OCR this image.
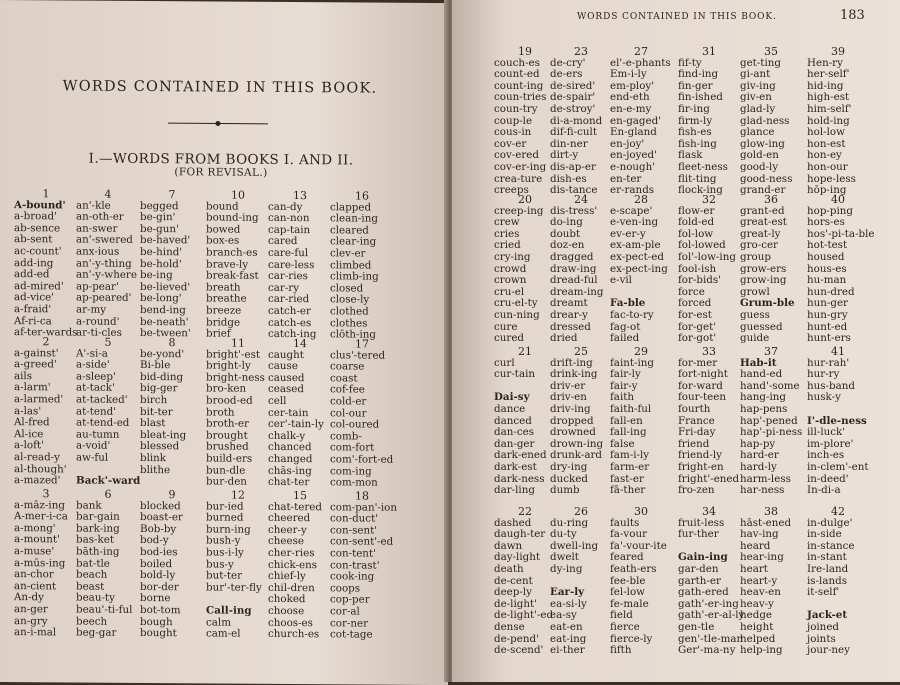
WORDS CONTAINED IN THIS BOOK.
I.—WORDS FROM BOOKS I. AND II.
(FOR REVISAL.)
1
A-bound'
a-broad'
ab-sence
ab-sent
ac-count'
add-ing
add-ed
ad-mired'
ad-vice'
a-fraid'
Af-ri-ca
af-ter-wards
4
an'-kle
an-oth-er
an-swer
an'-swered
anx-ious
an'-y-thing
an'-y-where
ap-pear'
ap-peared'
ar-my
a-round'
ar-ti-cles
7
begged
be-gin'
be-gun'
be-haved'
be-hind'
be-hold'
be-ing
be-lieved'
be-long'
bend-ing
be-neath'
be-tween'
10
bound
bound-ing
bowed
box-es
branch-es
brave-ly
break-fast
breath
breathe
breeze
bridge
brief
13
can-dy
can-non
cap-tain
cared
care-ful
care-less
car-ries
car-ry
car-ried
catch-er
catch-es
catch-ing
16
clapped
clean-ing
cleared
clear-ing
clev-er
climbed
climb-ing
closed
close-ly
clothed
clothes
clōth-ing
2
a-gainst'
a-greed'
ails
a-larm'
a-larmed'
a-las'
Al-fred
Al-ice
a-loft'
al-read-y
al-though'
a-mazed'
5
A'-si-a
a-side'
a-sleep'
at-tack'
at-tacked'
at-tend'
at-tend-ed
au-tumn
a-void'
aw-ful
Back'-ward
8
be-yond'
Bi-ble
bid-ding
big-ger
birch
bit-ter
blast
bleat-ing
blessed
blink
blithe
11
bright'-est
bright-ly
bright-ness
bro-ken
brood-ed
broth
broth-er
brought
brushed
build-ers
bun-dle
bur-den
14
caught
cause
caused
ceased
cell
cer-tain
cer'-tain-ly
chalk-y
chanced
changed
chās-ing
chat-ter
17
clus'-tered
coarse
coast
cof-fee
cold-er
col-our
col-oured
comb-
com-fort
com'-fort-ed
com-ing
com-mon
3
a-māz-ing
A-mer-i-ca
a-mong'
a-mount'
a-muse'
a-mūs-ing
an-chor
an-cient
An-dy
an-ger
an-gry
an-i-mal
6
bank
bar-gain
bark-ing
bas-ket
bāth-ing
bat-tle
beach
beast
beau-ty
beau'-ti-ful
beech
beg-gar
9
blocked
boast-er
Bob-by
bod-y
bod-ies
boiled
bold-ly
bor-der
borne
bot-tom
bough
bought
12
bur-ied
burned
burn-ing
bush-y
bus-i-ly
bus-y
but-ter
bur'-ter-fly
Call-ing
calm
cam-el
15
chat-tered
cheered
cheer-y
cheese
cher-ries
chick-ens
chief-ly
chil-dren
choked
choose
choos-es
church-es
18
com-pan'-ion
con-duct'
con-sent'
con-sent'-ed
con-tent'
con-trast'
cook-ing
coops
cop-per
cor-al
cor-ner
cot-tage
WORDS CONTAINED IN THIS BOOK.	183
19
couch-es
count-ed
count-ing
coun-tries
coun-try
coup-le
cous-in
cov-er
cov-ered
cov-er-ing
crea-ture
creeps
23
de-cry'
de-ers
de-sired'
de-spair'
de-stroy'
di-a-mond
dif-fi-cult
din-ner
dirt-y
dis-ap-er
dish-es
dis-tance
27
el'-e-phants
Em-i-ly
em-ploy'
end-eth
en-e-my
en-gaged'
En-gland
en-joy'
en-joyed'
e-nough'
en-ter
er-rands
31
fif-ty
find-ing
fin-ger
fin-ished
fir-ing
firm-ly
fish-es
fish-ing
flask
fleet-ness
flit-ting
flock-ing
35
get-ting
gi-ant
giv-ing
giv-en
glad-ly
glad-ness
glance
glow-ing
gold-en
good-ly
good-ness
grand-er
39
Hen-ry
her-self'
hid-ing
high-est
him-self'
hold-ing
hol-low
hon-est
hon-ey
hon-our
hope-less
hōp-ing
20
creep-ing
crew
cries
cried
cry-ing
crowd
crown
cru-el
cru-el-ty
cun-ning
cure
cured
24
dis-tress'
do-ing
doubt
doz-en
dragged
draw-ing
dread-ful
dream-ing
dreamt
drear-y
dressed
dried
28
e-scape'
e-ven-ing
ev-er-y
ex-am-ple
ex-pect-ed
ex-pect-ing
e-vil
Fa-ble
fac-to-ry
fag-ot
failed
32
flow-er
fold-ed
fol-low
fol-lowed
fol'-low-ing
fool-ish
for-bids'
force
forced
for-est
for-get'
for-got'
36
grant-ed
great-est
great-ly
gro-cer
group
grow-ers
grow-ing
growl
Grum-ble
guess
guessed
guide
40
hop-ping
hors-es
hos'-pi-ta-ble
hot-test
housed
hous-es
hu-man
hun-dred
hun-ger
hun-gry
hunt-ed
hunt-ers
21
curl
cur-tain
Dai-sy
dance
danced
dan-ces
dan-ger
dark-ened
dark-est
dark-ness
dar-ling
25
drift-ing
drink-ing
driv-er
driv-en
driv-ing
dropped
drowned
drown-ing
drunk-ard
dry-ing
ducked
dumb
29
faint-ing
fair-ly
fair-y
faith
faith-ful
fall-en
fall-ing
false
fam-i-ly
farm-er
fast-er
fā-ther
33
for-mer
fort-night
for-ward
four-teen
fourth
France
Fri-day
friend
friend-ly
fright-en
fright'-ened
fro-zen
37
Hab-it
hand-ed
hand'-some
hang-ing
hap-pens
hap'-pened
hap'-pi-ness
hap-py
hard-er
hard-ly
harm-less
har-ness
41
hur-rah'
hur-ry
hus-band
husk-y
I'-dle-ness
ill-luck'
im-plore'
inch-es
in-clem'-ent
in-deed'
In-di-a
22
dashed
daugh-ter
dawn
day-light
death
de-cent
deep-ly
de-light'
de-light'-ed
dense
de-pend'
de-scend'
26
du-ring
du-ty
dwell-ing
dwelt
dy-ing
Ear-ly
ea-si-ly
ea-sy
eat-en
eat-ing
ei-ther
30
faults
fa-vour
fa'-vour-ite
feared
feath-ers
fee-ble
fel-low
fe-male
field
fierce
fierce-ly
fifth
34
fruit-less
fur-ther
Gain-ing
gar-den
garth-er
gath-ered
gath'-er-ing
gath'-er-al-ly
gen-tle
gen'-tle-man
Ger'-ma-ny
38
hāst-ened
hav-ing
heard
hear-ing
heart
heart-y
heav-en
heav-y
hedge
height
helped
help-ing
42
in-dulge'
in-side
in-stance
in-stant
Ire-land
is-lands
it-self'
Jack-et
joined
joints
jour-ney
